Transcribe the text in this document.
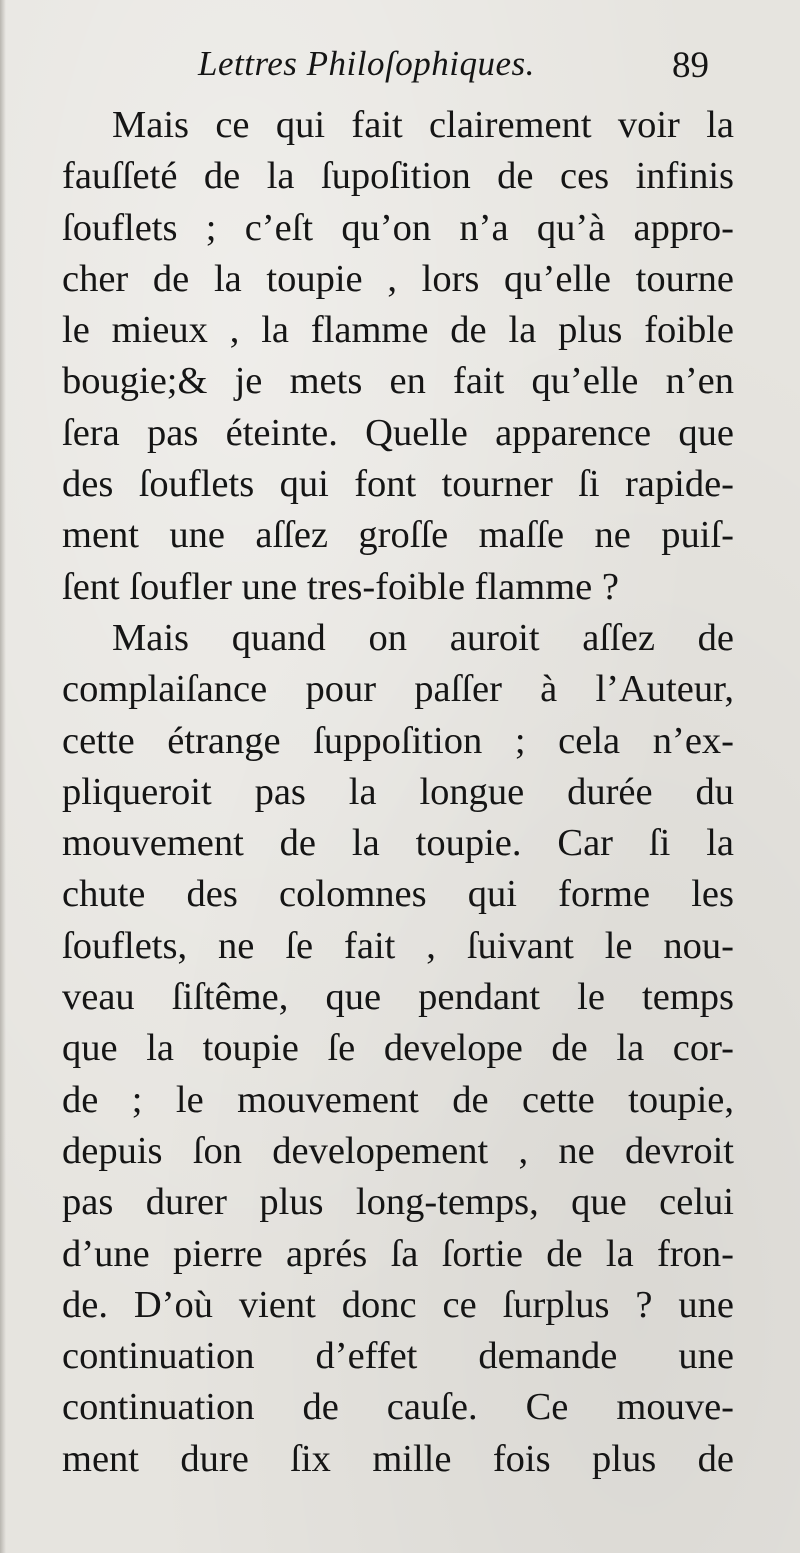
Lettres Philoſophiques.	89
Mais ce qui fait clairement voir la
fauſſeté de la ſupoſition de ces infinis
ſouflets ; c’eſt qu’on n’a qu’à appro-
cher de la toupie , lors qu’elle tourne
le mieux , la flamme de la plus foible
bougie;& je mets en fait qu’elle n’en
ſera pas éteinte. Quelle apparence que
des ſouflets qui font tourner ſi rapide-
ment une aſſez groſſe maſſe ne puiſ-
ſent ſoufler une tres-foible flamme ?
Mais quand on auroit aſſez de
complaiſance pour paſſer à l’Auteur,
cette étrange ſuppoſition ; cela n’ex-
pliqueroit pas la longue durée du
mouvement de la toupie. Car ſi la
chute des colomnes qui forme les
ſouflets, ne ſe fait , ſuivant le nou-
veau ſiſtême, que pendant le temps
que la toupie ſe develope de la cor-
de ; le mouvement de cette toupie,
depuis ſon developement , ne devroit
pas durer plus long-temps, que celui
d’une pierre aprés ſa ſortie de la fron-
de. D’où vient donc ce ſurplus ? une
continuation d’effet demande une
continuation de cauſe. Ce mouve-
ment dure ſix mille fois plus de
